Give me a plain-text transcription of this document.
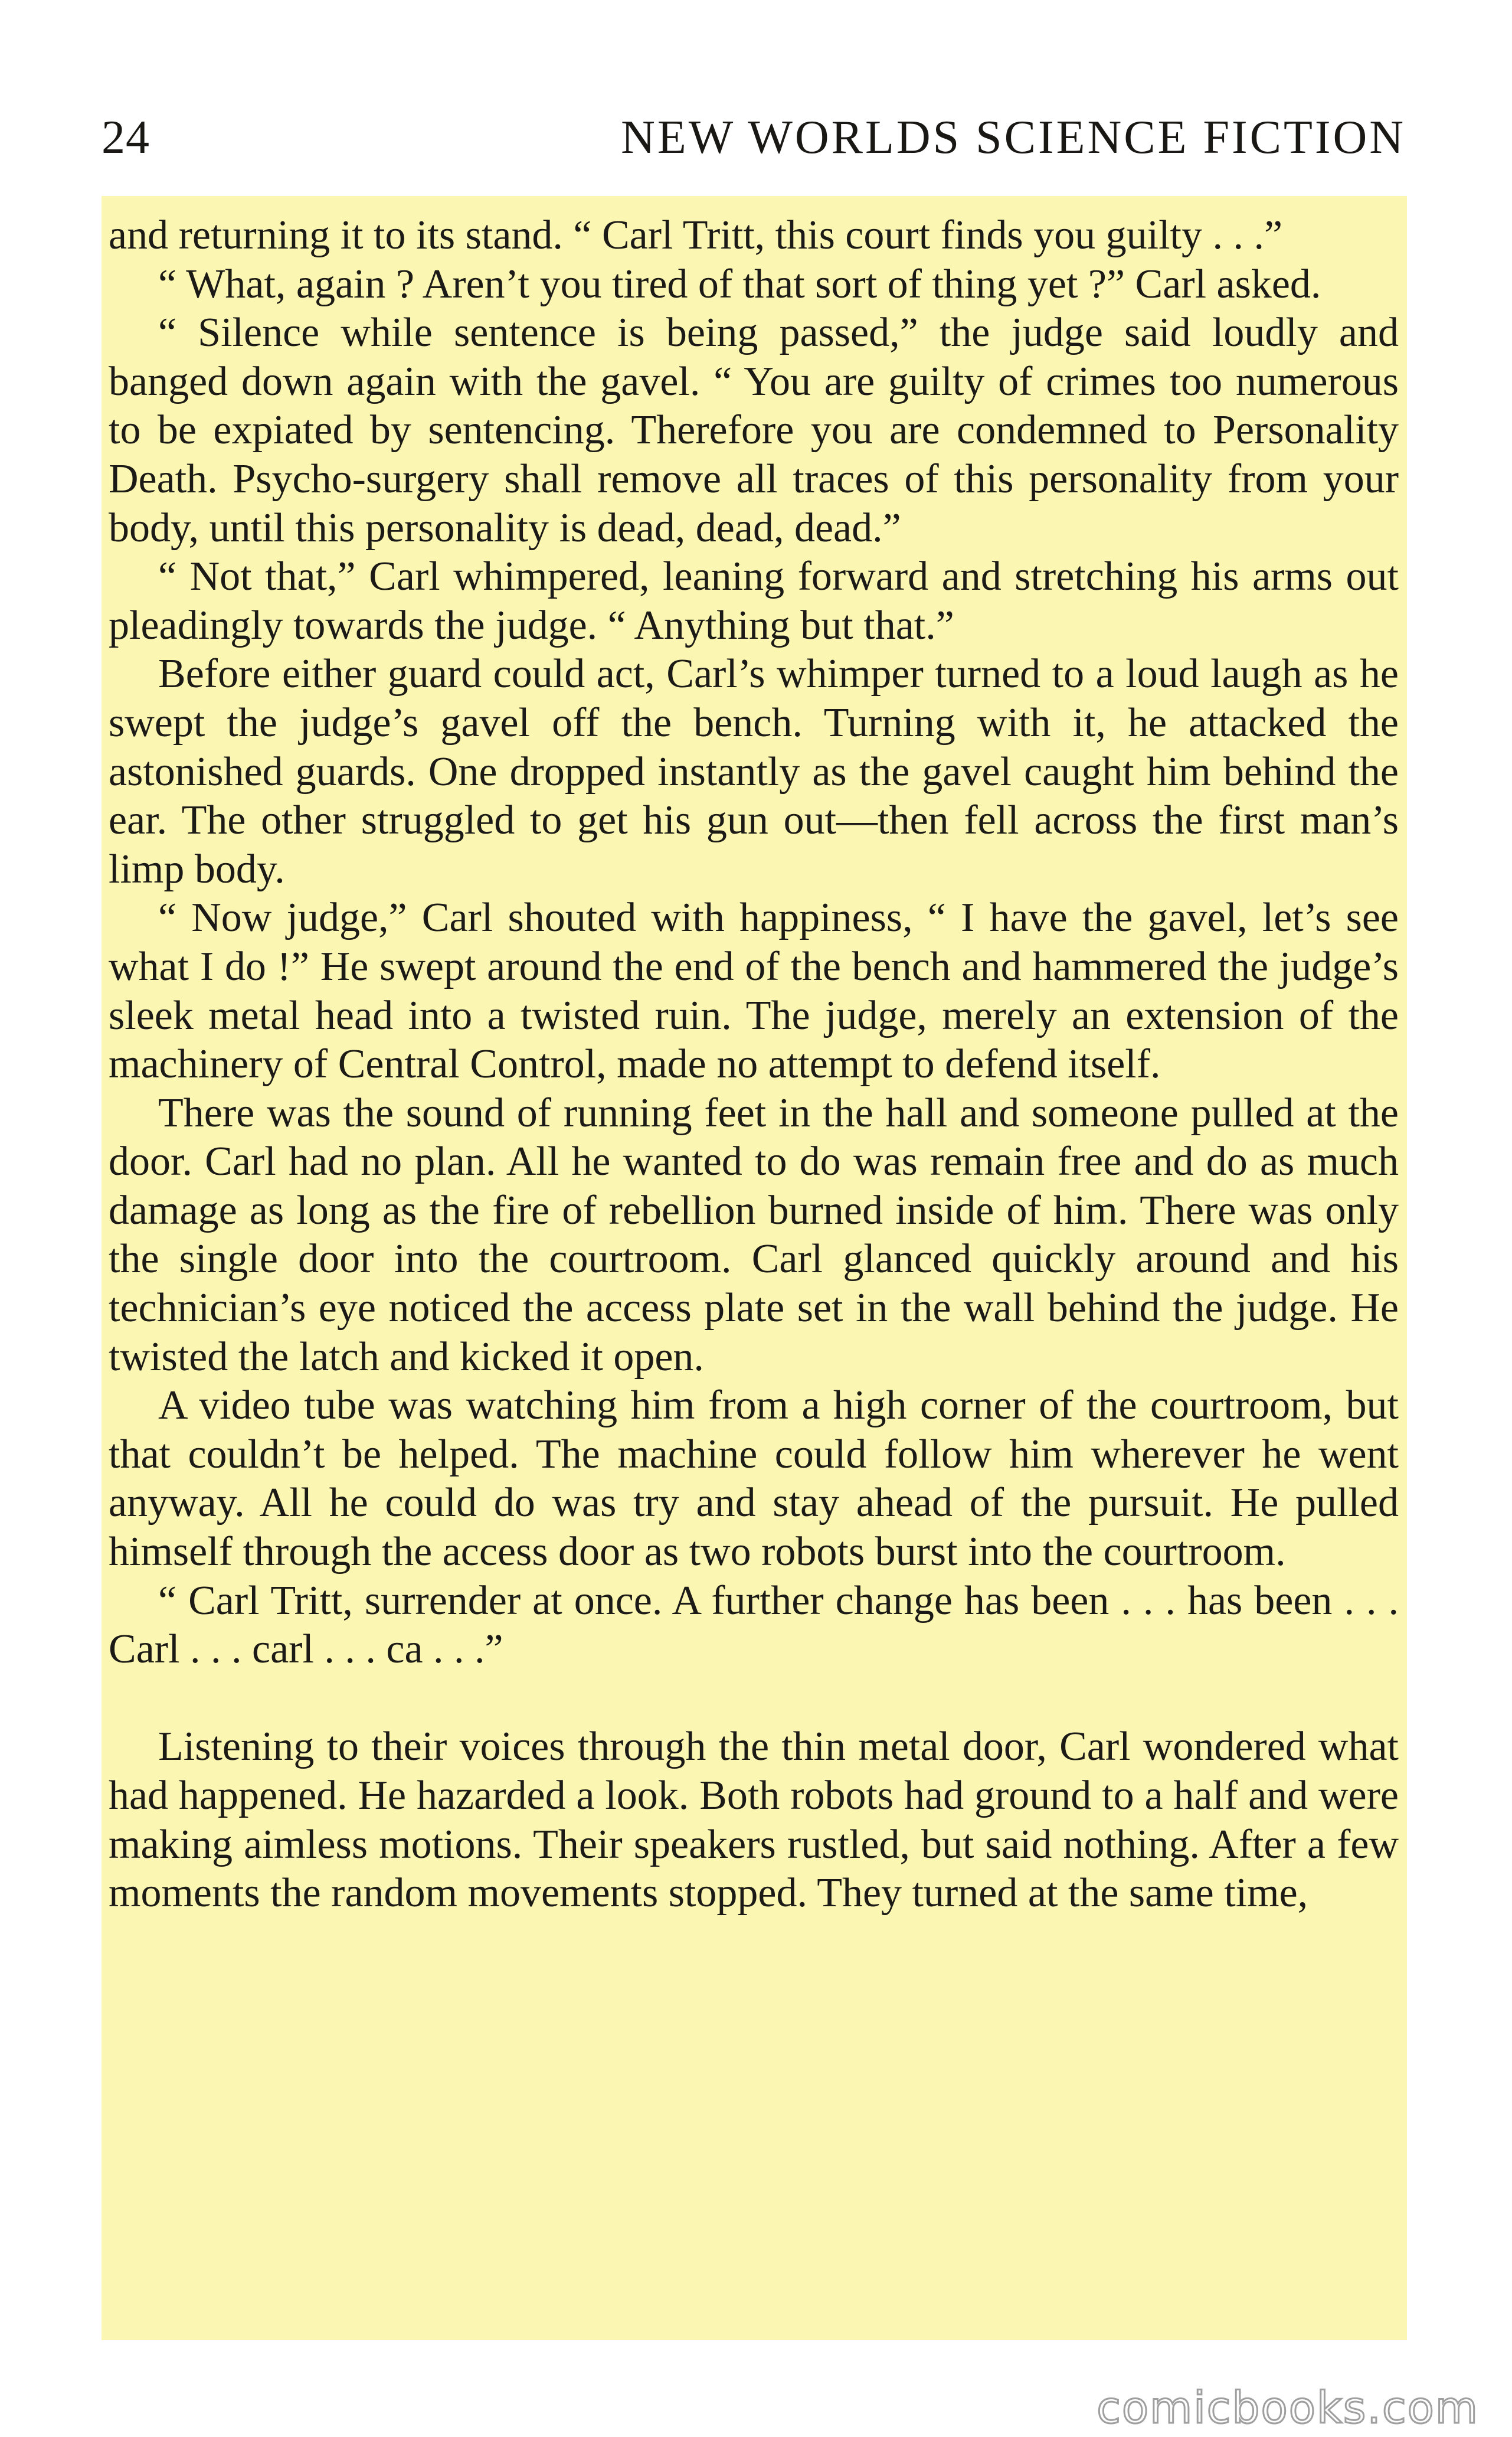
24	NEW WORLDS SCIENCE FICTION

and returning it to its stand. “ Carl Tritt, this court finds you guilty . . .”

“ What, again ? Aren’t you tired of that sort of thing yet ?” Carl asked.

“ Silence while sentence is being passed,” the judge said loudly and banged down again with the gavel. “ You are guilty of crimes too numerous to be expiated by sentencing. Therefore you are condemned to Personality Death. Psycho-surgery shall remove all traces of this personality from your body, until this personality is dead, dead, dead.”

“ Not that,” Carl whimpered, leaning forward and stretching his arms out pleadingly towards the judge. “ Anything but that.”

Before either guard could act, Carl’s whimper turned to a loud laugh as he swept the judge’s gavel off the bench. Turning with it, he attacked the astonished guards. One dropped instantly as the gavel caught him behind the ear. The other struggled to get his gun out—then fell across the first man’s limp body.

“ Now judge,” Carl shouted with happiness, “ I have the gavel, let’s see what I do !” He swept around the end of the bench and hammered the judge’s sleek metal head into a twisted ruin. The judge, merely an extension of the machinery of Central Control, made no attempt to defend itself.

There was the sound of running feet in the hall and someone pulled at the door. Carl had no plan. All he wanted to do was remain free and do as much damage as long as the fire of rebellion burned inside of him. There was only the single door into the courtroom. Carl glanced quickly around and his technician’s eye noticed the access plate set in the wall behind the judge. He twisted the latch and kicked it open.

A video tube was watching him from a high corner of the courtroom, but that couldn’t be helped. The machine could follow him wherever he went anyway. All he could do was try and stay ahead of the pursuit. He pulled himself through the access door as two robots burst into the courtroom.

“ Carl Tritt, surrender at once. A further change has been . . . has been . . . Carl . . . carl . . . ca . . .”

Listening to their voices through the thin metal door, Carl wondered what had happened. He hazarded a look. Both robots had ground to a half and were making aimless motions. Their speakers rustled, but said nothing. After a few moments the random movements stopped. They turned at the same time,

comicbooks.com
